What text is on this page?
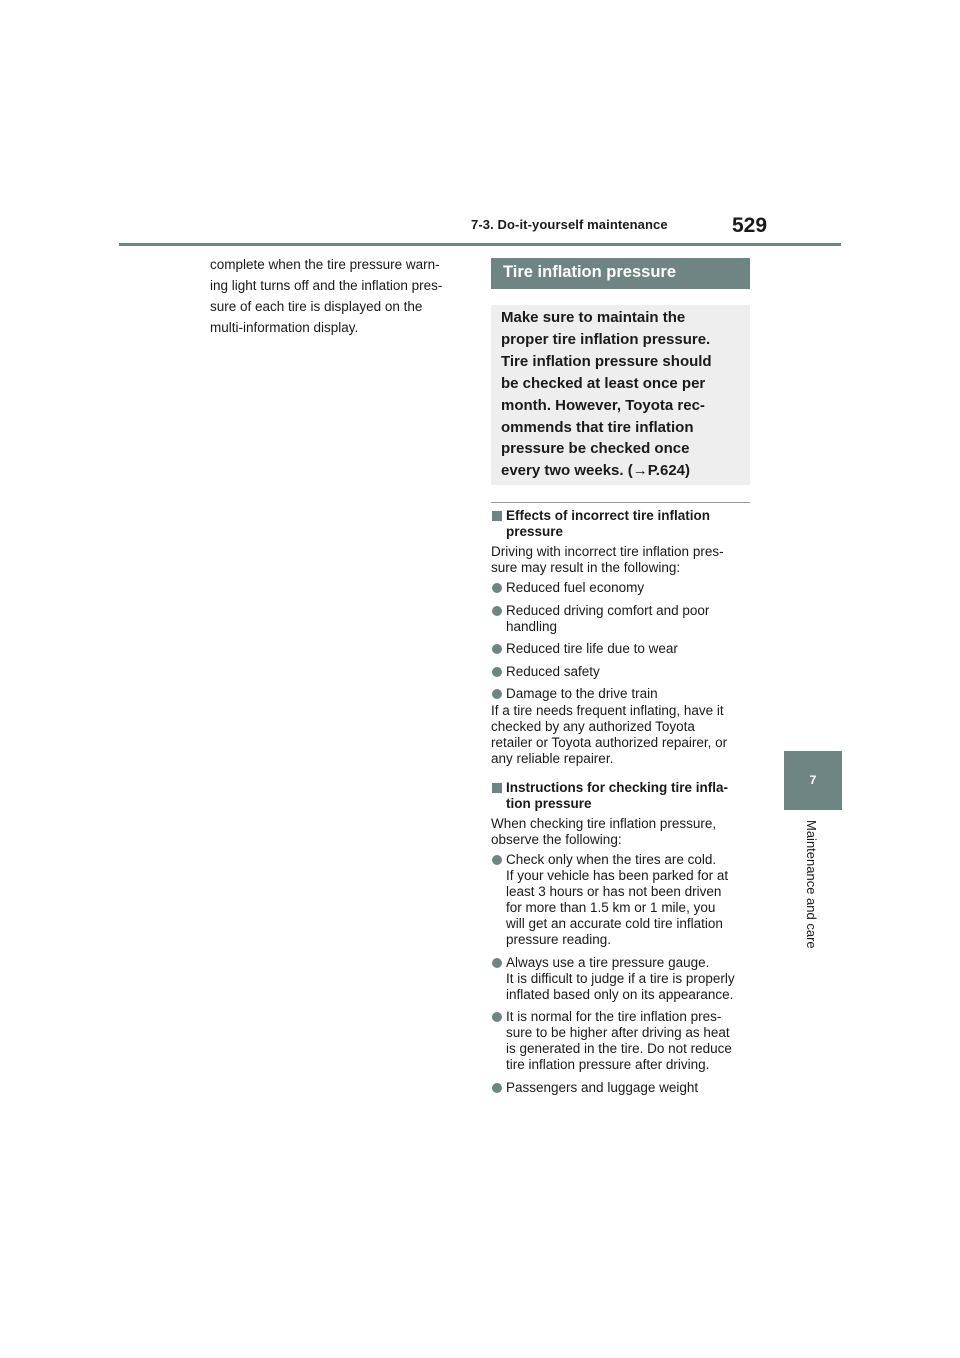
7-3. Do-it-yourself maintenance	529
7
Maintenance and care

complete when the tire pressure warn-

ing light turns off and the inflation pres-

sure of each tire is displayed on the

multi-information display.

Tire inflation pressure

Make sure to maintain the

proper tire inflation pressure.

Tire inflation pressure should

be checked at least once per

month. However, Toyota rec-

ommends that tire inflation

pressure be checked once

every two weeks. (→P.624)

Effects of incorrect tire inflation
pressure
Driving with incorrect tire inflation pres-
sure may result in the following:
Reduced fuel economy
Reduced driving comfort and poor
handling
Reduced tire life due to wear
Reduced safety
Damage to the drive train
If a tire needs frequent inflating, have it
checked by any authorized Toyota
retailer or Toyota authorized repairer, or
any reliable repairer.
Instructions for checking tire infla-
tion pressure
When checking tire inflation pressure,
observe the following:
Check only when the tires are cold.
If your vehicle has been parked for at
least 3 hours or has not been driven
for more than 1.5 km or 1 mile, you
will get an accurate cold tire inflation
pressure reading.
Always use a tire pressure gauge.
It is difficult to judge if a tire is properly
inflated based only on its appearance.
It is normal for the tire inflation pres-
sure to be higher after driving as heat
is generated in the tire. Do not reduce
tire inflation pressure after driving.
Passengers and luggage weight
